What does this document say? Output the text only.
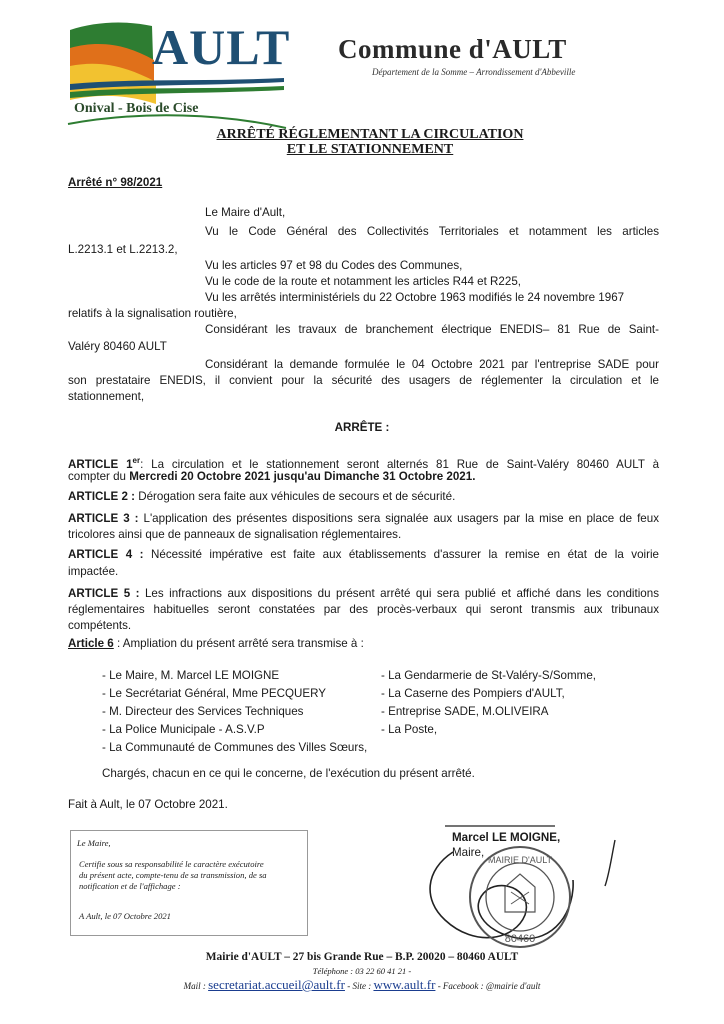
AULT
Onival - Bois de Cise
Commune d'AULT
Département de la Somme – Arrondissement d'Abbeville
ARRÊTÉ RÉGLEMENTANT LA CIRCULATION
ET LE STATIONNEMENT
Arrêté n° 98/2021
Le Maire d'Ault,
Vu le Code Général des Collectivités Territoriales et notamment les articles
L.2213.1 et L.2213.2,
Vu les articles 97 et 98 du Codes des Communes,
Vu le code de la route et notamment les articles R44 et R225,
Vu les arrêtés interministériels du 22 Octobre 1963 modifiés le 24 novembre 1967
relatifs à la signalisation routière,
Considérant les travaux de branchement électrique ENEDIS– 81 Rue de Saint-
Valéry 80460 AULT
Considérant la demande formulée le 04 Octobre 2021 par l'entreprise SADE pour
son prestataire ENEDIS, il convient pour la sécurité des usagers de réglementer la circulation et le
stationnement,
ARRÊTE :
ARTICLE 1er: La circulation et le stationnement seront alternés 81 Rue de Saint-Valéry 80460 AULT à
compter du Mercredi 20 Octobre 2021 jusqu'au Dimanche 31 Octobre 2021.
ARTICLE 2 : Dérogation sera faite aux véhicules de secours et de sécurité.
ARTICLE 3 : L'application des présentes dispositions sera signalée aux usagers par la mise en place de feux
tricolores ainsi que de panneaux de signalisation réglementaires.
ARTICLE 4 : Nécessité impérative est faite aux établissements d'assurer la remise en état de la voirie
impactée.
ARTICLE 5 : Les infractions aux dispositions du présent arrêté qui sera publié et affiché dans les conditions
réglementaires habituelles seront constatées par des procès-verbaux qui seront transmis aux tribunaux
compétents.
Article 6 : Ampliation du présent arrêté sera transmise à :
- Le Maire, M. Marcel LE MOIGNE
- Le Secrétariat Général, Mme PECQUERY
- M. Directeur des Services Techniques
- La Police Municipale - A.S.V.P
- La Communauté de Communes des Villes Sœurs,
- La Gendarmerie de St-Valéry-S/Somme,
- La Caserne des Pompiers d'AULT,
- Entreprise SADE, M.OLIVEIRA
- La Poste,
Chargés, chacun en ce qui le concerne, de l'exécution du présent arrêté.
Fait à Ault, le 07 Octobre 2021.

Le Maire,

Certifie sous sa responsabilité le caractère exécutoire

du présent acte, compte-tenu de sa transmission, de sa

notification et de l'affichage :

A Ault, le 07 Octobre 2021

Marcel LE MOIGNE,
Maire,
MAIRIE D'AULT
80460
Mairie d'AULT – 27 bis Grande Rue – B.P. 20020 – 80460 AULT
Téléphone : 03 22 60 41 21 -
Mail : secretariat.accueil@ault.fr - Site : www.ault.fr - Facebook : @mairie d'ault
